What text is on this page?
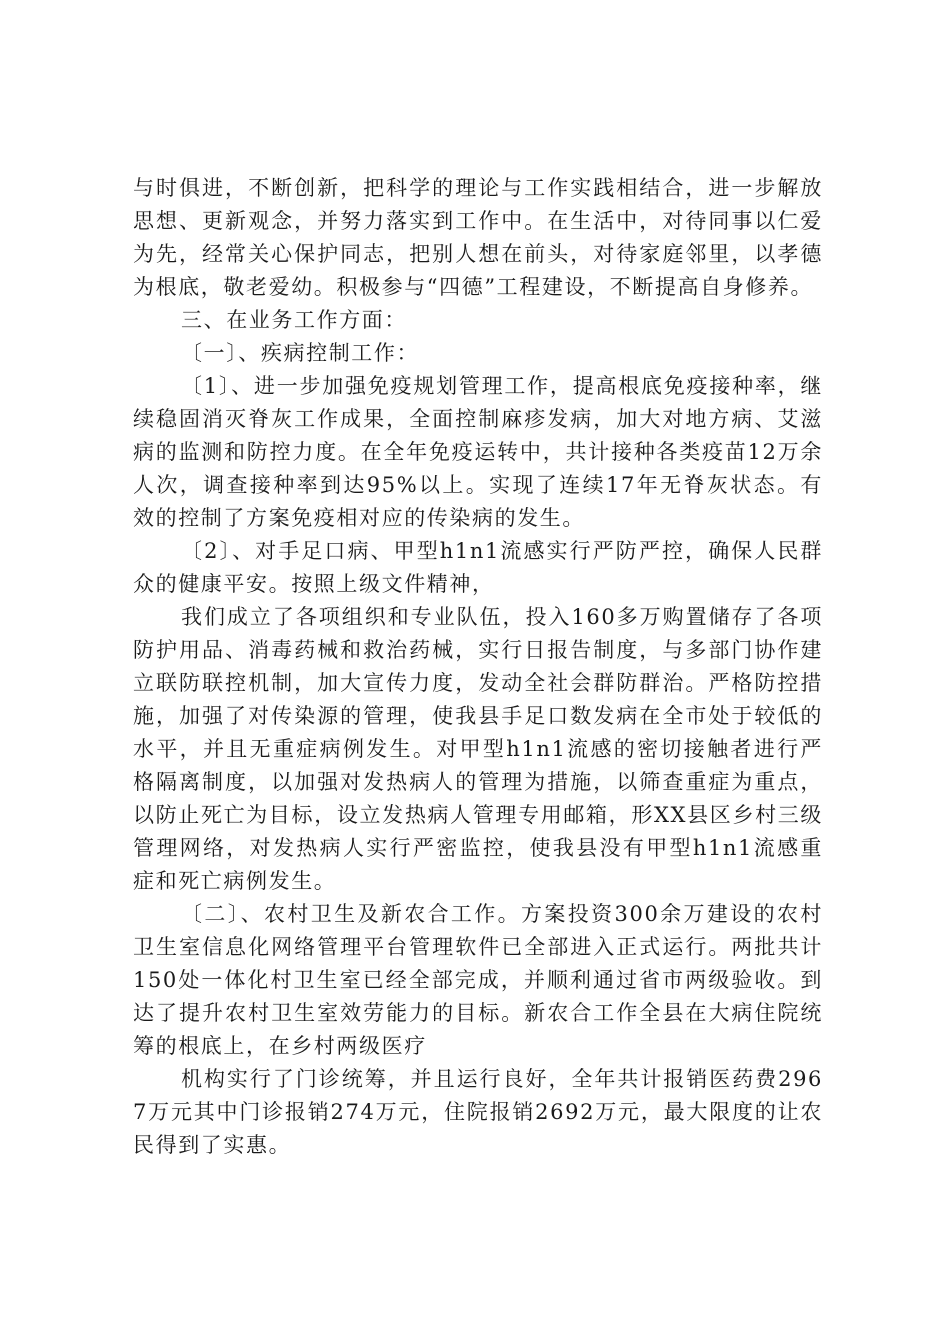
与时俱进，不断创新，把科学的理论与工作实践相结合，进一步解放思想、更新观念，并努力落实到工作中。在生活中，对待同事以仁爱为先，经常关心保护同志，把别人想在前头，对待家庭邻里，以孝德为根底，敬老爱幼。积极参与“四德”工程建设，不断提高自身修养。

三、在业务工作方面：

〔一〕、疾病控制工作：

〔1〕、进一步加强免疫规划管理工作，提高根底免疫接种率，继续稳固消灭脊灰工作成果，全面控制麻疹发病，加大对地方病、艾滋病的监测和防控力度。在全年免疫运转中，共计接种各类疫苗12万余人次，调查接种率到达95%以上。实现了连续17年无脊灰状态。有效的控制了方案免疫相对应的传染病的发生。

〔2〕、对手足口病、甲型h1n1流感实行严防严控，确保人民群众的健康平安。按照上级文件精神，

我们成立了各项组织和专业队伍，投入160多万购置储存了各项防护用品、消毒药械和救治药械，实行日报告制度，与多部门协作建立联防联控机制，加大宣传力度，发动全社会群防群治。严格防控措施，加强了对传染源的管理，使我县手足口数发病在全市处于较低的水平，并且无重症病例发生。对甲型h1n1流感的密切接触者进行严格隔离制度，以加强对发热病人的管理为措施，以筛查重症为重点，以防止死亡为目标，设立发热病人管理专用邮箱，形XX县区乡村三级管理网络，对发热病人实行严密监控，使我县没有甲型h1n1流感重症和死亡病例发生。

〔二〕、农村卫生及新农合工作。方案投资300余万建设的农村卫生室信息化网络管理平台管理软件已全部进入正式运行。两批共计150处一体化村卫生室已经全部完成，并顺利通过省市两级验收。到达了提升农村卫生室效劳能力的目标。新农合工作全县在大病住院统筹的根底上，在乡村两级医疗

机构实行了门诊统筹，并且运行良好，全年共计报销医药费2967万元其中门诊报销274万元，住院报销2692万元，最大限度的让农民得到了实惠。
